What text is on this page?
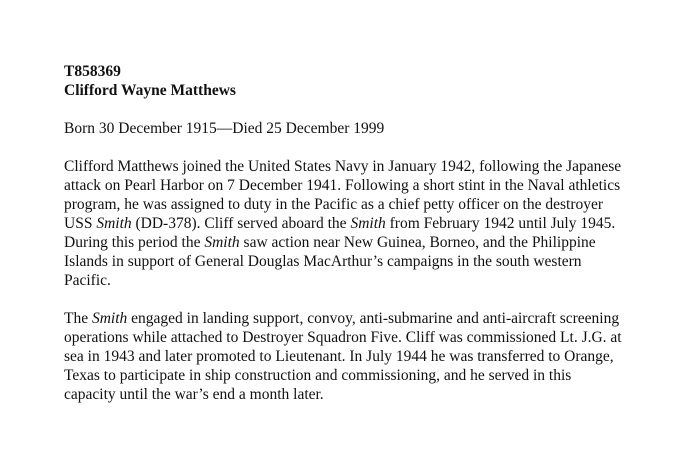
T858369
Clifford Wayne Matthews
Born 30 December 1915—Died 25 December 1999
Clifford Matthews joined the United States Navy in January 1942, following the Japanese
attack on Pearl Harbor on 7 December 1941. Following a short stint in the Naval athletics
program, he was assigned to duty in the Pacific as a chief petty officer on the destroyer
USS Smith (DD-378). Cliff served aboard the Smith from February 1942 until July 1945.
During this period the Smith saw action near New Guinea, Borneo, and the Philippine
Islands in support of General Douglas MacArthur’s campaigns in the south western
Pacific.
The Smith engaged in landing support, convoy, anti-submarine and anti-aircraft screening
operations while attached to Destroyer Squadron Five. Cliff was commissioned Lt. J.G. at
sea in 1943 and later promoted to Lieutenant. In July 1944 he was transferred to Orange,
Texas to participate in ship construction and commissioning, and he served in this
capacity until the war’s end a month later.
